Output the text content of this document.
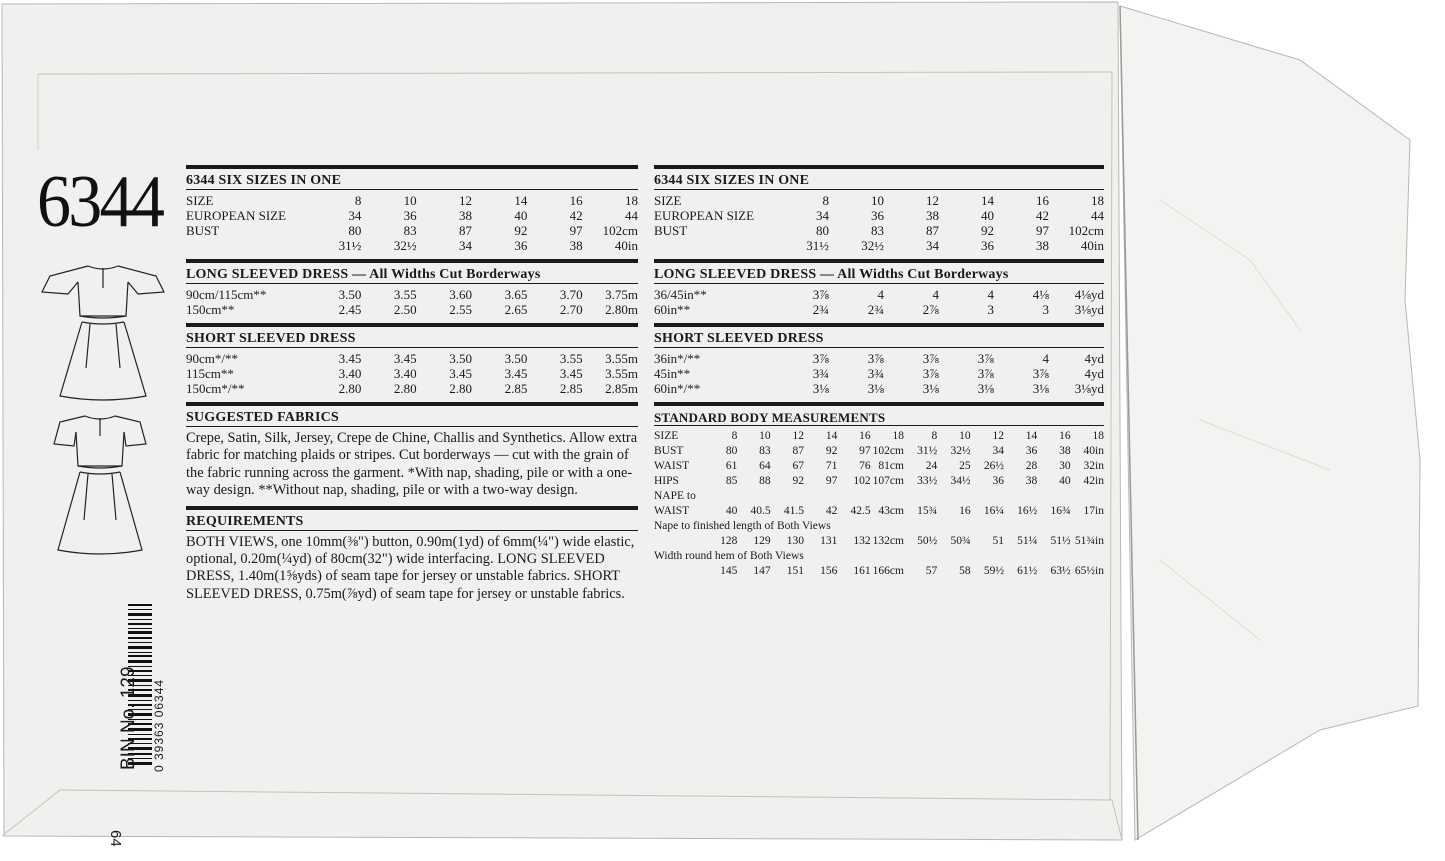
6344
BIN No. 129 0 39363 06344
64
6344 SIX SIZES IN ONE
SIZE	8	10	12	14	16	18
EUROPEAN SIZE	34	36	38	40	42	44
BUST	80	83	87	92	97	102cm
	31½	32½	34	36	38	40in
LONG SLEEVED DRESS — All Widths Cut Borderways
90cm/115cm**	3.50	3.55	3.60	3.65	3.70	3.75m
150cm**	2.45	2.50	2.55	2.65	2.70	2.80m
SHORT SLEEVED DRESS
90cm*/**	3.45	3.45	3.50	3.50	3.55	3.55m
115cm**	3.40	3.40	3.45	3.45	3.45	3.55m
150cm*/**	2.80	2.80	2.80	2.85	2.85	2.85m
SUGGESTED FABRICS
Crepe, Satin, Silk, Jersey, Crepe de Chine, Challis and Synthetics. Allow extra fabric for matching plaids or stripes. Cut borderways — cut with the grain of the fabric running across the garment. *With nap, shading, pile or with a one-way design. **Without nap, shading, pile or with a two-way design.
REQUIREMENTS
BOTH VIEWS, one 10mm(⅜") button, 0.90m(1yd) of 6mm(¼") wide elastic, optional, 0.20m(¼yd) of 80cm(32") wide interfacing. LONG SLEEVED DRESS, 1.40m(1⅝yds) of seam tape for jersey or unstable fabrics. SHORT SLEEVED DRESS, 0.75m(⅞yd) of seam tape for jersey or unstable fabrics.
6344 SIX SIZES IN ONE
SIZE	8	10	12	14	16	18
EUROPEAN SIZE	34	36	38	40	42	44
BUST	80	83	87	92	97	102cm
	31½	32½	34	36	38	40in
LONG SLEEVED DRESS — All Widths Cut Borderways
36/45in**	3⅞	4	4	4	4⅛	4⅛yd
60in**	2¾	2¾	2⅞	3	3	3⅛yd
SHORT SLEEVED DRESS
36in*/**	3⅞	3⅞	3⅞	3⅞	4	4yd
45in**	3¾	3¾	3⅞	3⅞	3⅞	4yd
60in*/**	3⅛	3⅛	3⅛	3⅛	3⅛	3⅛yd
STANDARD BODY MEASUREMENTS
SIZE	8	10	12	14	16	18	8	10	12	14	16	18
BUST	80	83	87	92	97	102cm	31½	32½	34	36	38	40in
WAIST	61	64	67	71	76	81cm	24	25	26½	28	30	32in
HIPS	85	88	92	97	102	107cm	33½	34½	36	38	40	42in
NAPE to												
WAIST	40	40.5	41.5	42	42.5	43cm	15¾	16	16¼	16½	16¾	17in
Nape to finished length of Both Views												
	128	129	130	131	132	132cm	50½	50¾	51	51¼	51½	51¾in
Width round hem of Both Views												
	145	147	151	156	161	166cm	57	58	59½	61½	63½	65½in
